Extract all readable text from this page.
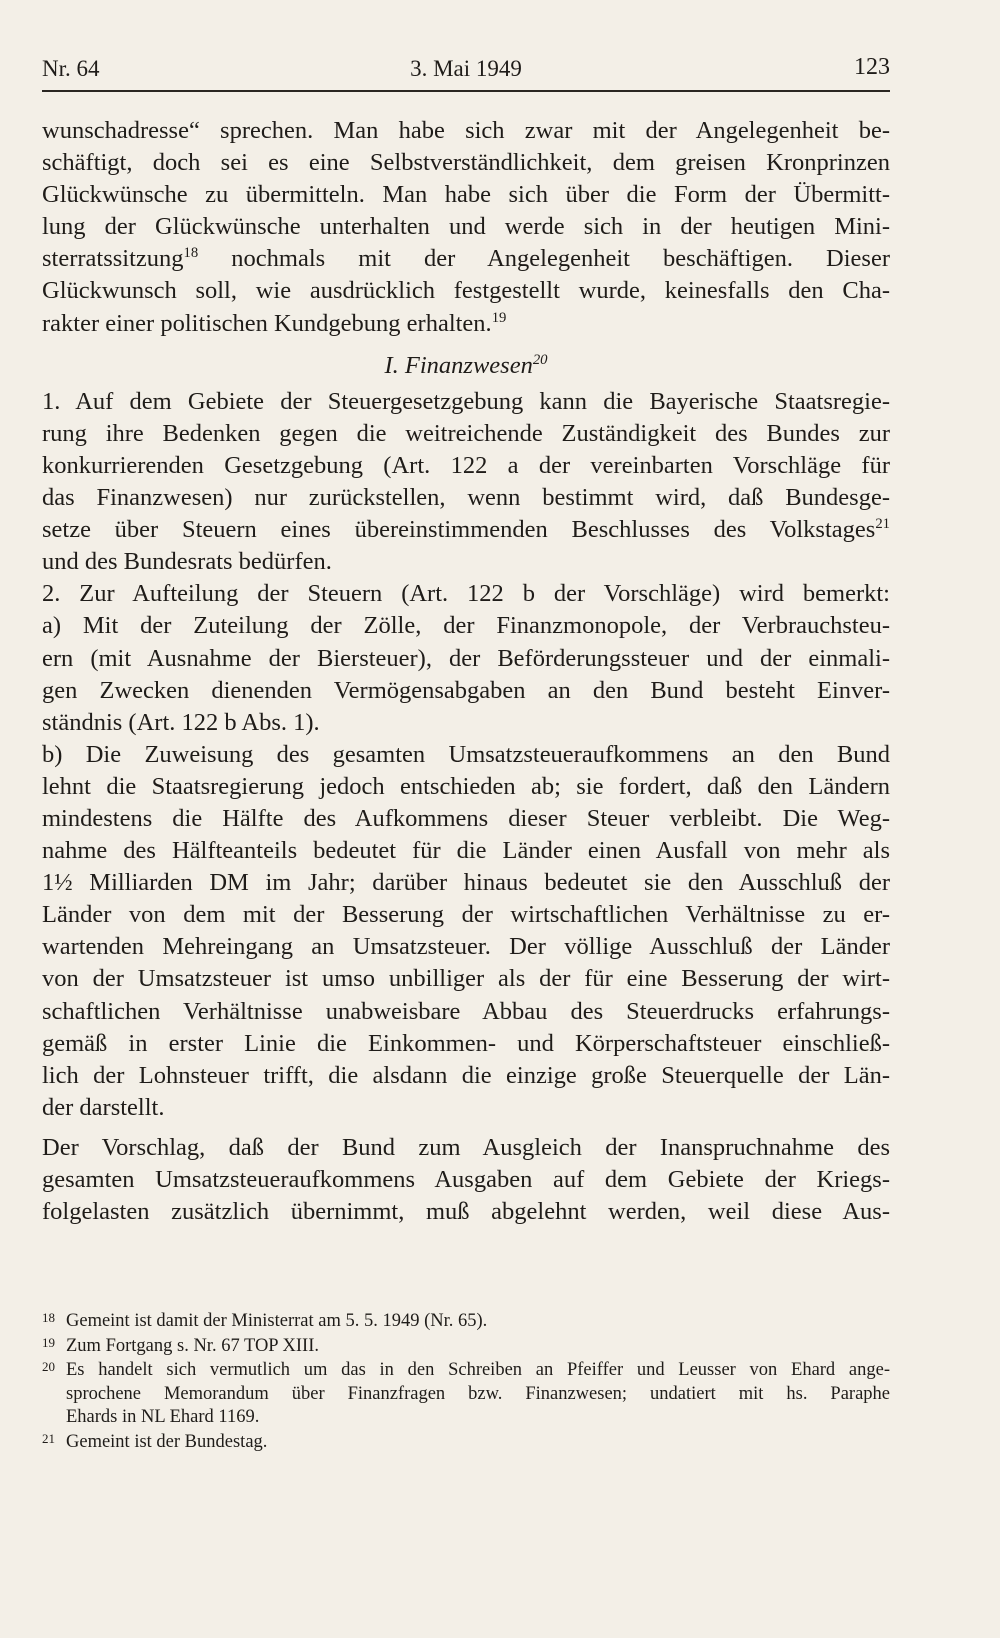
Nr. 64	3. Mai 1949	123

wunschadresse“ sprechen. Man habe sich zwar mit der Angelegenheit be-
schäftigt, doch sei es eine Selbstverständlichkeit, dem greisen Kronprinzen
Glückwünsche zu übermitteln. Man habe sich über die Form der Übermitt-
lung der Glückwünsche unterhalten und werde sich in der heutigen Mini-
sterratssitzung$^{18}$ nochmals mit der Angelegenheit beschäftigen. Dieser
Glückwunsch soll, wie ausdrücklich festgestellt wurde, keinesfalls den Cha-
rakter einer politischen Kundgebung erhalten.$^{19}$

I. Finanzwesen$^{20}$

1. Auf dem Gebiete der Steuergesetzgebung kann die Bayerische Staatsregie-
rung ihre Bedenken gegen die weitreichende Zuständigkeit des Bundes zur
konkurrierenden Gesetzgebung (Art. 122 a der vereinbarten Vorschläge für
das Finanzwesen) nur zurückstellen, wenn bestimmt wird, daß Bundesge-
setze über Steuern eines übereinstimmenden Beschlusses des Volkstages$^{21}$
und des Bundesrats bedürfen.

2. Zur Aufteilung der Steuern (Art. 122 b der Vorschläge) wird bemerkt:

a) Mit der Zuteilung der Zölle, der Finanzmonopole, der Verbrauchsteu-
ern (mit Ausnahme der Biersteuer), der Beförderungssteuer und der einmali-
gen Zwecken dienenden Vermögensabgaben an den Bund besteht Einver-
ständnis (Art. 122 b Abs. 1).

b) Die Zuweisung des gesamten Umsatzsteueraufkommens an den Bund
lehnt die Staatsregierung jedoch entschieden ab; sie fordert, daß den Ländern
mindestens die Hälfte des Aufkommens dieser Steuer verbleibt. Die Weg-
nahme des Hälfteanteils bedeutet für die Länder einen Ausfall von mehr als
1½ Milliarden DM im Jahr; darüber hinaus bedeutet sie den Ausschluß der
Länder von dem mit der Besserung der wirtschaftlichen Verhältnisse zu er-
wartenden Mehreingang an Umsatzsteuer. Der völlige Ausschluß der Länder
von der Umsatzsteuer ist umso unbilliger als der für eine Besserung der wirt-
schaftlichen Verhältnisse unabweisbare Abbau des Steuerdrucks erfahrungs-
gemäß in erster Linie die Einkommen- und Körperschaftsteuer einschließ-
lich der Lohnsteuer trifft, die alsdann die einzige große Steuerquelle der Län-
der darstellt.

Der Vorschlag, daß der Bund zum Ausgleich der Inanspruchnahme des
gesamten Umsatzsteueraufkommens Ausgaben auf dem Gebiete der Kriegs-
folgelasten zusätzlich übernimmt, muß abgelehnt werden, weil diese Aus-

18 Gemeint ist damit der Ministerrat am 5. 5. 1949 (Nr. 65).
19 Zum Fortgang s. Nr. 67 TOP XIII.
20 Es handelt sich vermutlich um das in den Schreiben an Pfeiffer und Leusser von Ehard ange-
sprochene Memorandum über Finanzfragen bzw. Finanzwesen; undatiert mit hs. Paraphe
Ehards in NL Ehard 1169.
21 Gemeint ist der Bundestag.
